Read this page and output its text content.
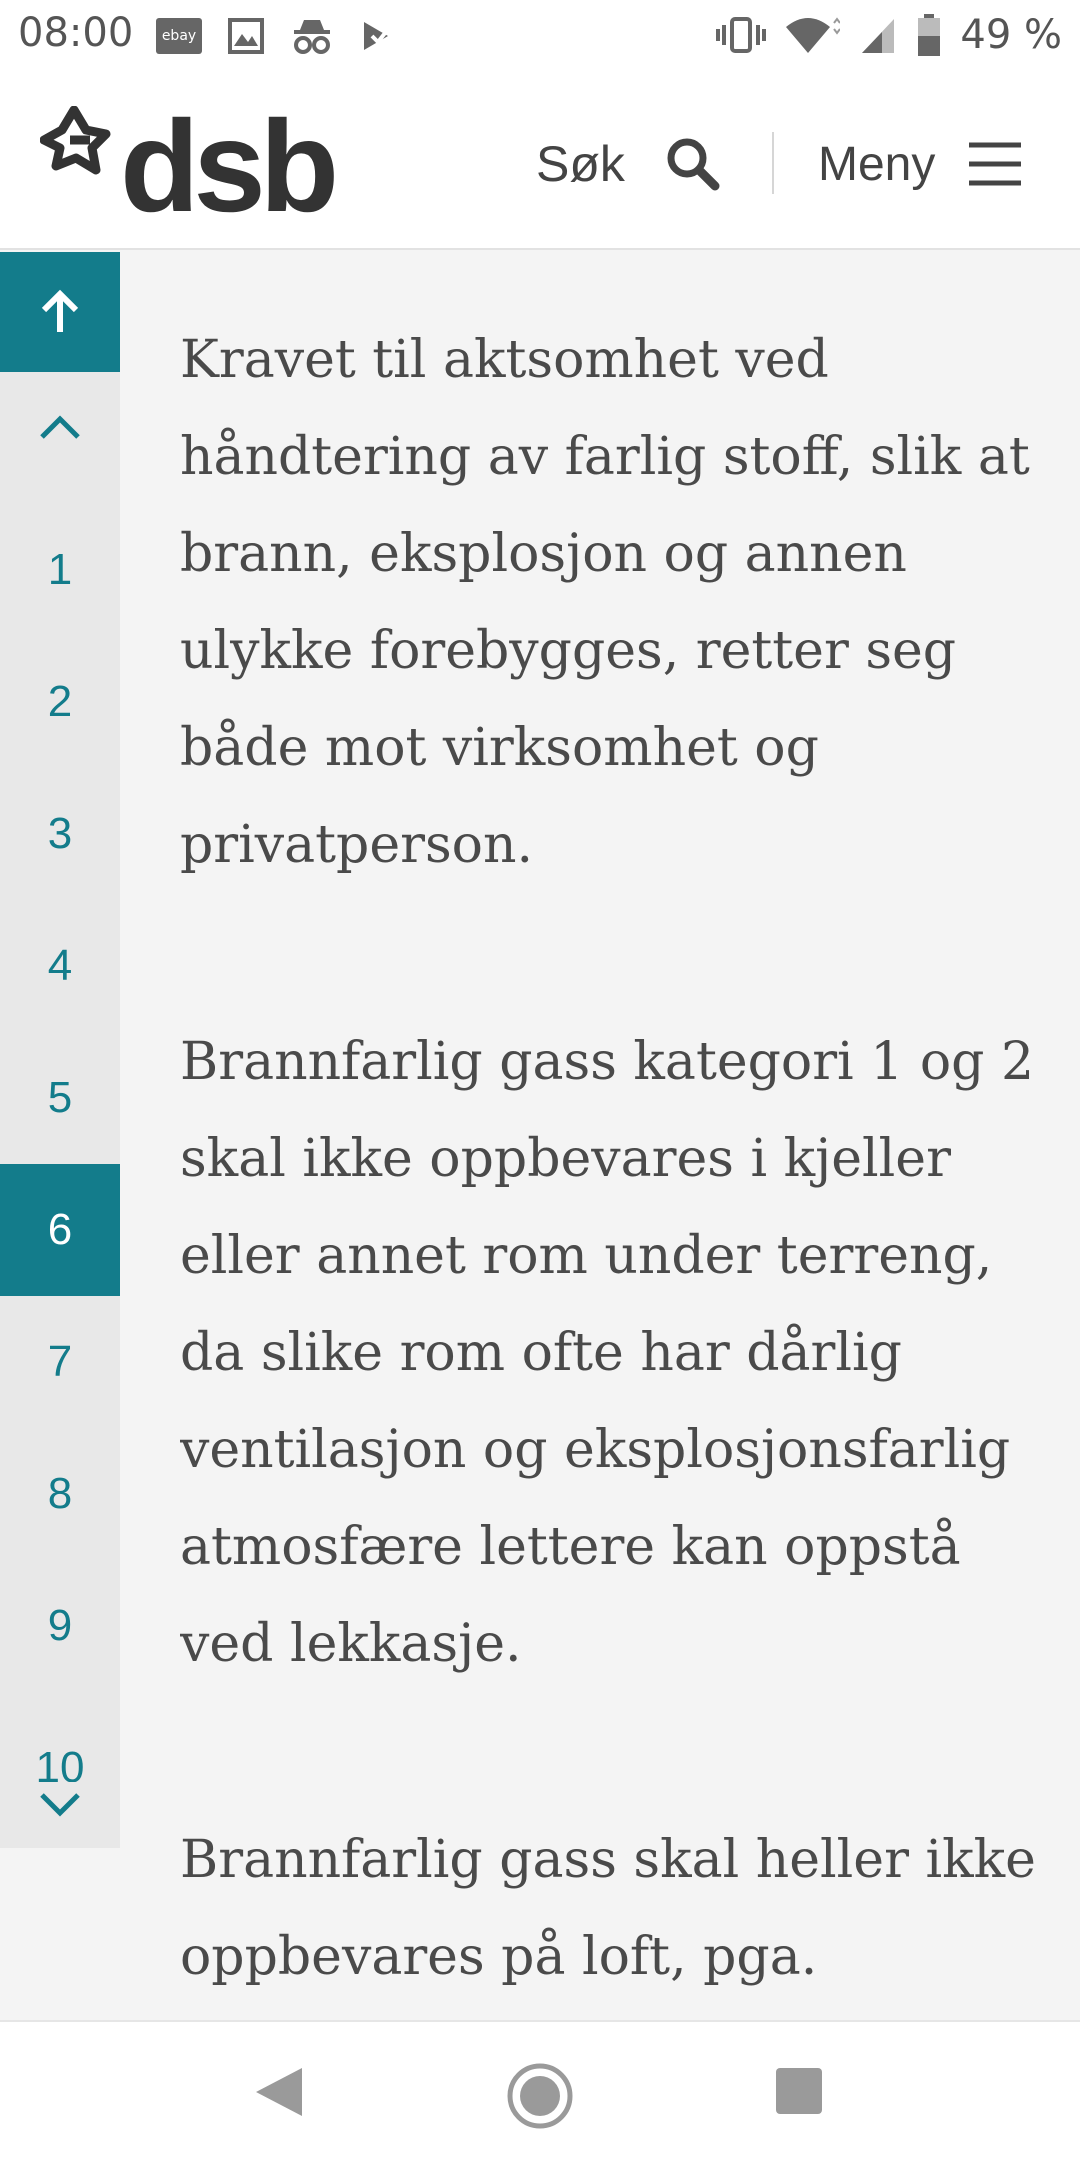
08:00	ebay	49 %
dsb	Søk	Meny

Kravet til aktsomhet ved håndtering av farlig stoff, slik at brann, eksplosjon og annen ulykke forebygges, retter seg både mot virksomhet og privatperson.

Brannfarlig gass kategori 1 og 2 skal ikke oppbevares i kjeller eller annet rom under terreng, da slike rom ofte har dårlig ventilasjon og eksplosjonsfarlig atmosfære lettere kan oppstå ved lekkasje.

Brannfarlig gass skal heller ikke oppbevares på loft, pga.

1
2
3
4
5
6
7
8
9
10
